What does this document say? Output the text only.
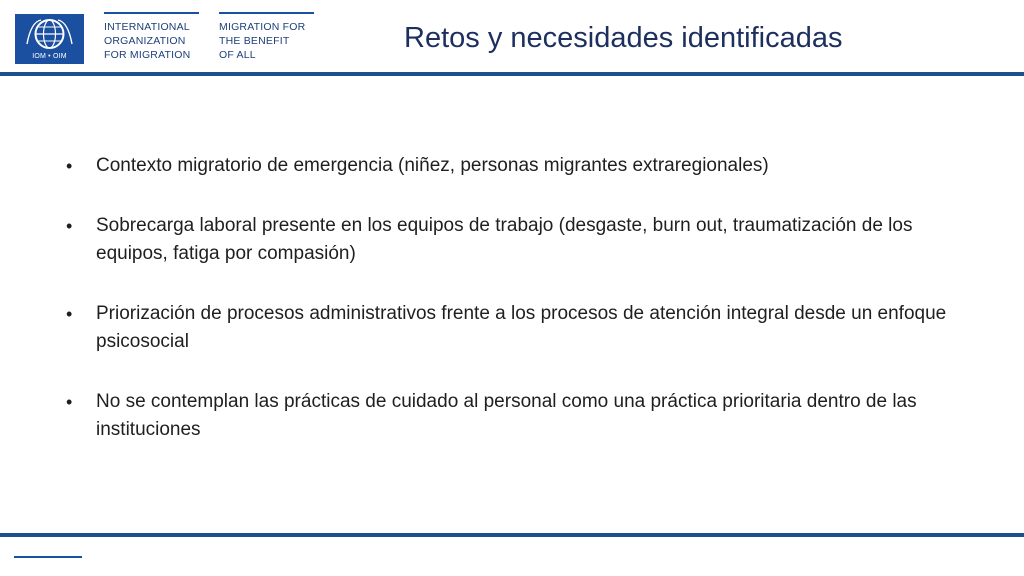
IOM • OIM
INTERNATIONAL
ORGANIZATION
FOR MIGRATION
MIGRATION FOR
THE BENEFIT
OF ALL
Retos y necesidades identificadas
• Contexto migratorio de emergencia (niñez, personas migrantes extraregionales)
• Sobrecarga laboral presente en los equipos de trabajo (desgaste, burn out, traumatización de los equipos, fatiga por compasión)
• Priorización de procesos administrativos frente a los procesos de atención integral desde un enfoque psicosocial
• No se contemplan las prácticas de cuidado al personal como una práctica prioritaria dentro de las instituciones
